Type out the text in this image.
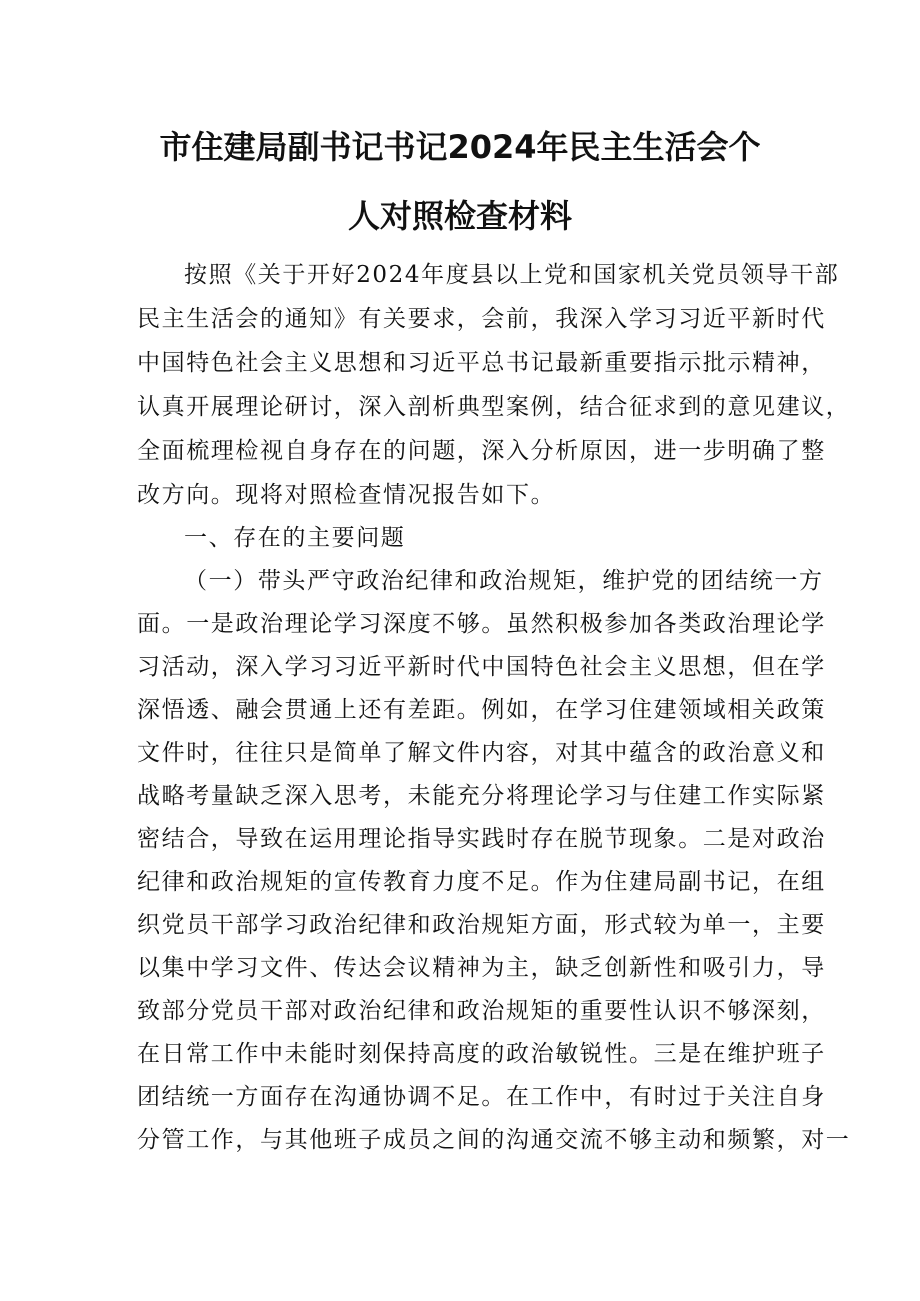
市住建局副书记书记2024年民主生活会个
人对照检查材料
按照《关于开好2024年度县以上党和国家机关党员领导干部
民主生活会的通知》有关要求，会前，我深入学习习近平新时代
中国特色社会主义思想和习近平总书记最新重要指示批示精神，
认真开展理论研讨，深入剖析典型案例，结合征求到的意见建议，
全面梳理检视自身存在的问题，深入分析原因，进一步明确了整
改方向。现将对照检查情况报告如下。
一、存在的主要问题
（一）带头严守政治纪律和政治规矩，维护党的团结统一方
面。一是政治理论学习深度不够。虽然积极参加各类政治理论学
习活动，深入学习习近平新时代中国特色社会主义思想，但在学
深悟透、融会贯通上还有差距。例如，在学习住建领域相关政策
文件时，往往只是简单了解文件内容，对其中蕴含的政治意义和
战略考量缺乏深入思考，未能充分将理论学习与住建工作实际紧
密结合，导致在运用理论指导实践时存在脱节现象。二是对政治
纪律和政治规矩的宣传教育力度不足。作为住建局副书记，在组
织党员干部学习政治纪律和政治规矩方面，形式较为单一，主要
以集中学习文件、传达会议精神为主，缺乏创新性和吸引力，导
致部分党员干部对政治纪律和政治规矩的重要性认识不够深刻，
在日常工作中未能时刻保持高度的政治敏锐性。三是在维护班子
团结统一方面存在沟通协调不足。在工作中，有时过于关注自身
分管工作，与其他班子成员之间的沟通交流不够主动和频繁，对一
